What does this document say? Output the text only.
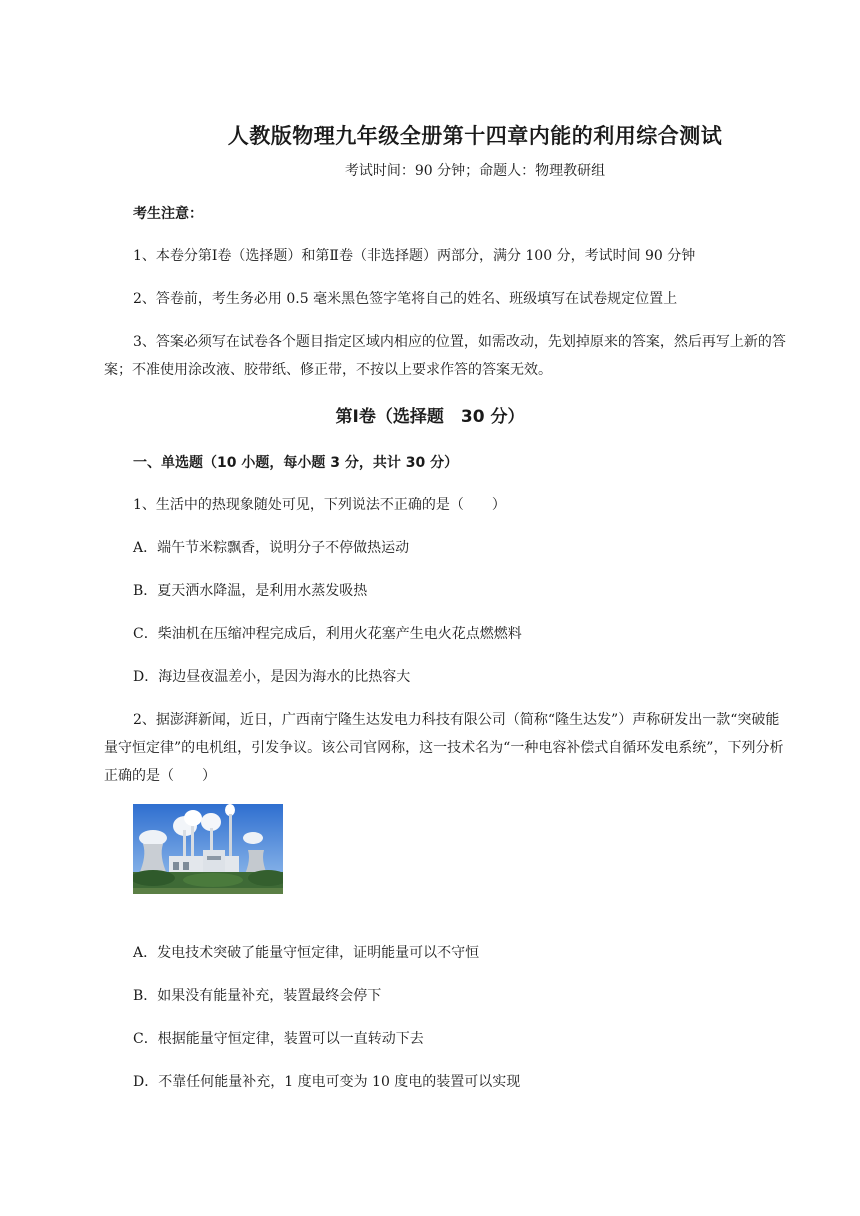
人教版物理九年级全册第十四章内能的利用综合测试
考试时间：90 分钟；命题人：物理教研组

考生注意：

1、本卷分第Ⅰ卷（选择题）和第Ⅱ卷（非选择题）两部分，满分 100 分，考试时间 90 分钟

2、答卷前，考生务必用 0.5 毫米黑色签字笔将自己的姓名、班级填写在试卷规定位置上

3、答案必须写在试卷各个题目指定区域内相应的位置，如需改动，先划掉原来的答案，然后再写上新的答案；不准使用涂改液、胶带纸、修正带，不按以上要求作答的答案无效。

第Ⅰ卷（选择题　30 分）

一、单选题（10 小题，每小题 3 分，共计 30 分）

1、生活中的热现象随处可见，下列说法不正确的是（　　）

A．端午节米粽飘香，说明分子不停做热运动

B．夏天洒水降温，是利用水蒸发吸热

C．柴油机在压缩冲程完成后，利用火花塞产生电火花点燃燃料

D．海边昼夜温差小，是因为海水的比热容大

2、据澎湃新闻，近日，广西南宁隆生达发电力科技有限公司（简称“隆生达发”）声称研发出一款“突破能量守恒定律”的电机组，引发争议。该公司官网称，这一技术名为“一种电容补偿式自循环发电系统”，下列分析正确的是（　　）

A．发电技术突破了能量守恒定律，证明能量可以不守恒

B．如果没有能量补充，装置最终会停下

C．根据能量守恒定律，装置可以一直转动下去

D．不靠任何能量补充，1 度电可变为 10 度电的装置可以实现
